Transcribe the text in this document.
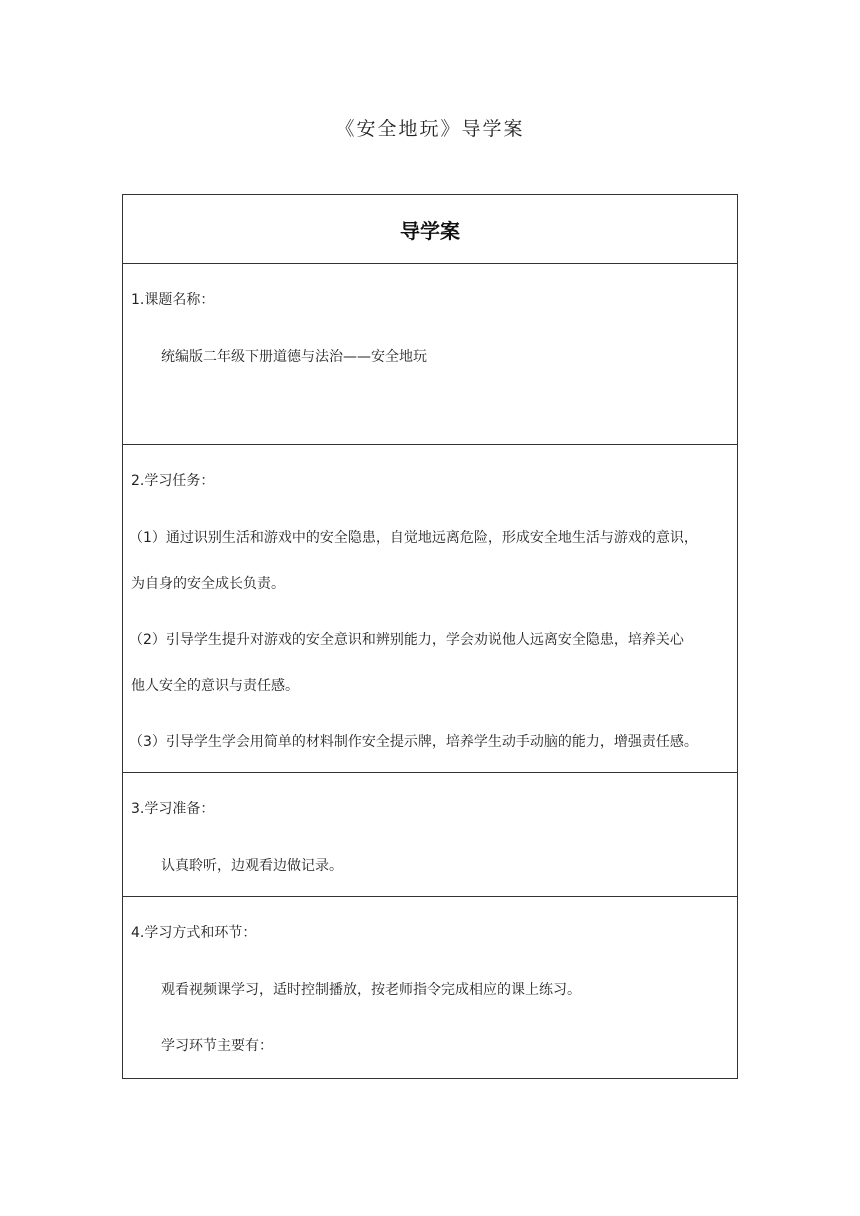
《安全地玩》导学案
导学案
1.课题名称：
统编版二年级下册道德与法治——安全地玩
2.学习任务：
（1）通过识别生活和游戏中的安全隐患，自觉地远离危险，形成安全地生活与游戏的意识，
为自身的安全成长负责。
（2）引导学生提升对游戏的安全意识和辨别能力，学会劝说他人远离安全隐患，培养关心
他人安全的意识与责任感。
（3）引导学生学会用简单的材料制作安全提示牌，培养学生动手动脑的能力，增强责任感。
3.学习准备：
认真聆听，边观看边做记录。
4.学习方式和环节：
观看视频课学习，适时控制播放，按老师指令完成相应的课上练习。
学习环节主要有：
